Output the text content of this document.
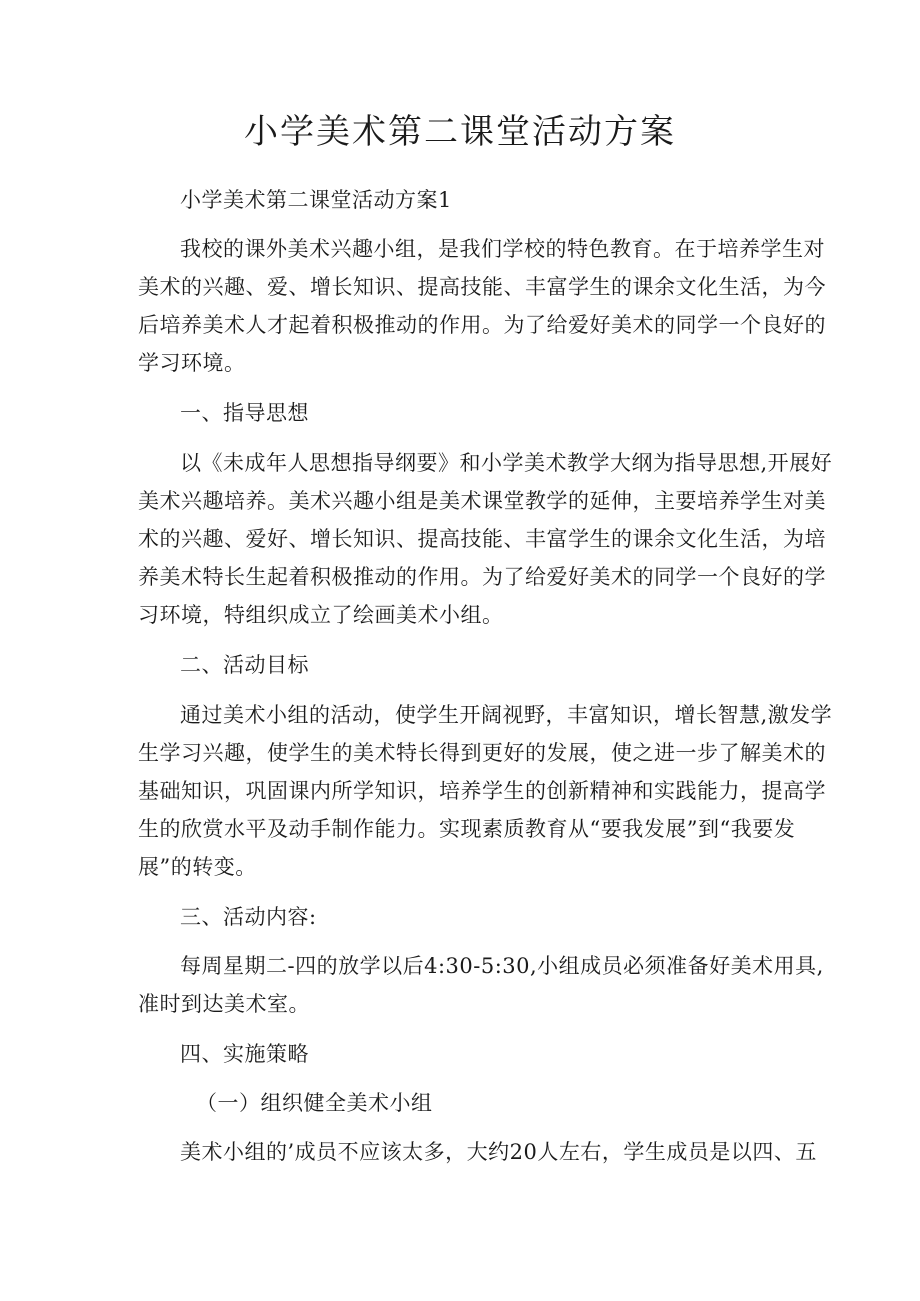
小学美术第二课堂活动方案
小学美术第二课堂活动方案1
我校的课外美术兴趣小组，是我们学校的特色教育。在于培养学生对
美术的兴趣、爱、增长知识、提高技能、丰富学生的课余文化生活，为今
后培养美术人才起着积极推动的作用。为了给爱好美术的同学一个良好的
学习环境。
一、指导思想
以《未成年人思想指导纲要》和小学美术教学大纲为指导思想,开展好
美术兴趣培养。美术兴趣小组是美术课堂教学的延伸，主要培养学生对美
术的兴趣、爱好、增长知识、提高技能、丰富学生的课余文化生活，为培
养美术特长生起着积极推动的作用。为了给爱好美术的同学一个良好的学
习环境，特组织成立了绘画美术小组。
二、活动目标
通过美术小组的活动，使学生开阔视野，丰富知识，增长智慧,激发学
生学习兴趣，使学生的美术特长得到更好的发展，使之进一步了解美术的
基础知识，巩固课内所学知识，培养学生的创新精神和实践能力，提高学
生的欣赏水平及动手制作能力。实现素质教育从“要我发展”到“我要发
展”的转变。
三、活动内容:
每周星期二-四的放学以后4:30-5:30,小组成员必须准备好美术用具,
准时到达美术室。
四、实施策略
（一）组织健全美术小组
美术小组的’成员不应该太多，大约20人左右，学生成员是以四、五
